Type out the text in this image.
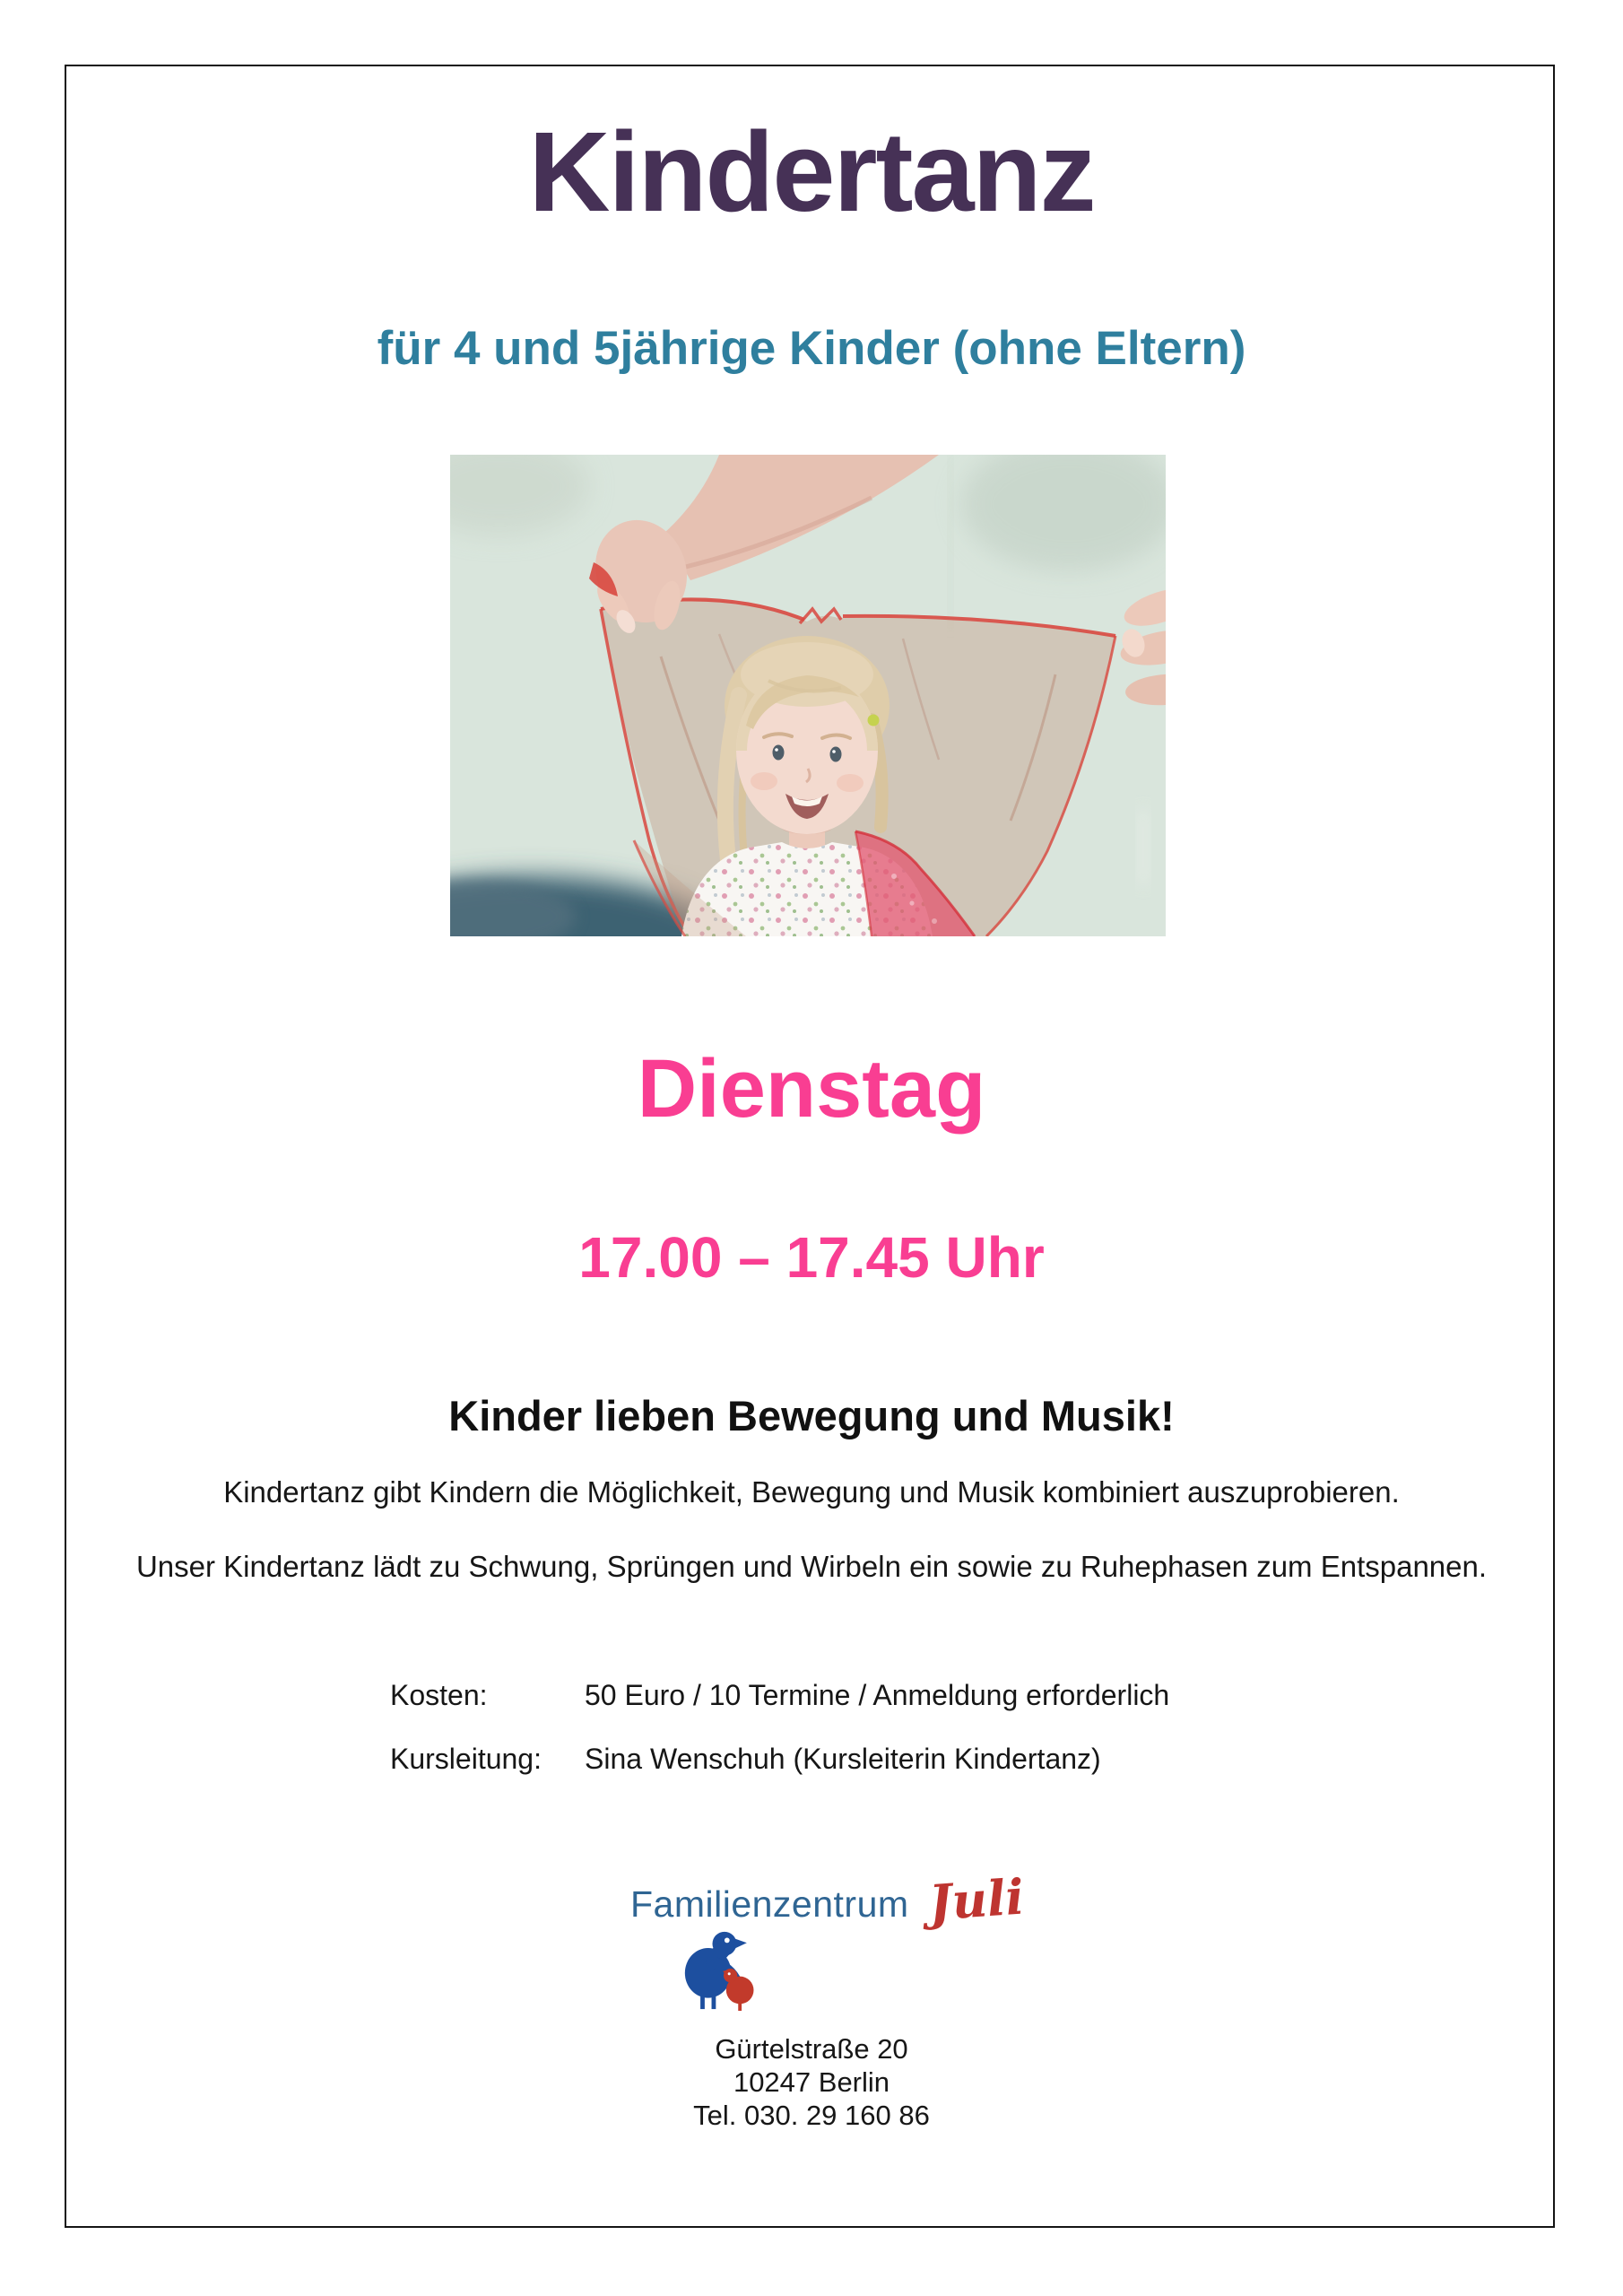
Kindertanz
für 4 und 5jährige Kinder (ohne Eltern)
Dienstag
17.00 – 17.45 Uhr
Kinder lieben Bewegung und Musik!
Kindertanz gibt Kindern die Möglichkeit, Bewegung und Musik kombiniert auszuprobieren.
Unser Kindertanz lädt zu Schwung, Sprüngen und Wirbeln ein sowie zu Ruhephasen zum Entspannen.
Kosten:	50 Euro / 10 Termine / Anmeldung erforderlich
Kursleitung: Sina Wenschuh (Kursleiterin Kindertanz)
Familienzentrum Juli
Gürtelstraße 20
10247 Berlin
Tel. 030. 29 160 86
